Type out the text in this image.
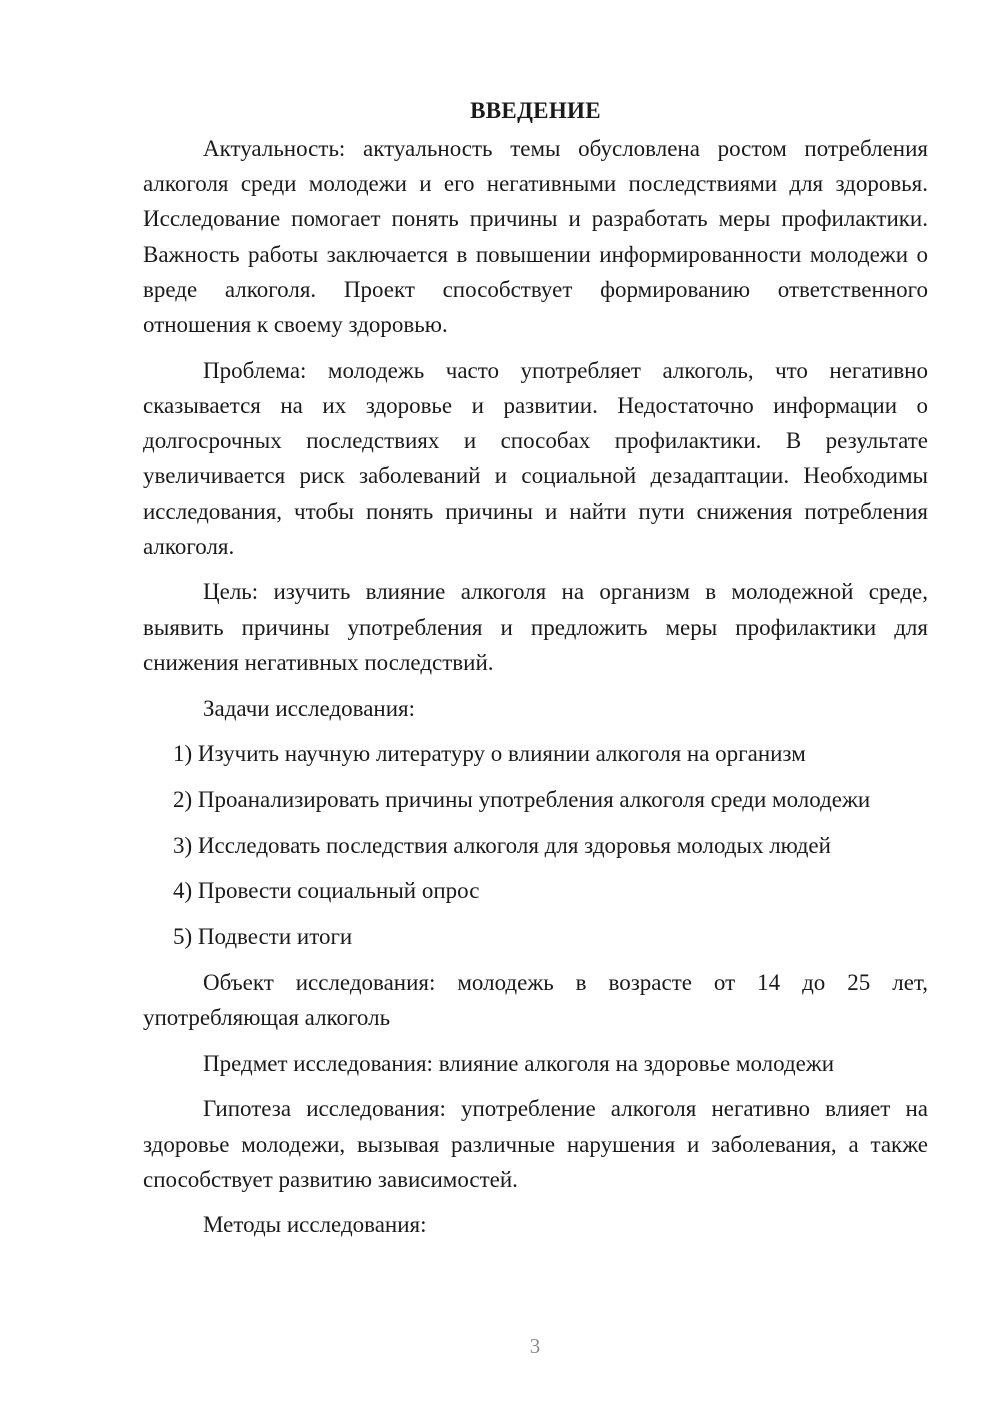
ВВЕДЕНИЕ

Актуальность: актуальность темы обусловлена ростом потребления алкоголя среди молодежи и его негативными последствиями для здоровья. Исследование помогает понять причины и разработать меры профилактики. Важность работы заключается в повышении информированности молодежи о вреде алкоголя. Проект способствует формированию ответственного отношения к своему здоровью.

Проблема: молодежь часто употребляет алкоголь, что негативно сказывается на их здоровье и развитии. Недостаточно информации о долгосрочных последствиях и способах профилактики. В результате увеличивается риск заболеваний и социальной дезадаптации. Необходимы исследования, чтобы понять причины и найти пути снижения потребления алкоголя.

Цель: изучить влияние алкоголя на организм в молодежной среде, выявить причины употребления и предложить меры профилактики для снижения негативных последствий.

Задачи исследования:

1) Изучить научную литературу о влиянии алкоголя на организм

2) Проанализировать причины употребления алкоголя среди молодежи

3) Исследовать последствия алкоголя для здоровья молодых людей

4) Провести социальный опрос

5) Подвести итоги

Объект исследования: молодежь в возрасте от 14 до 25 лет, употребляющая алкоголь

Предмет исследования: влияние алкоголя на здоровье молодежи

Гипотеза исследования: употребление алкоголя негативно влияет на здоровье молодежи, вызывая различные нарушения и заболевания, а также способствует развитию зависимостей.

Методы исследования:

3
